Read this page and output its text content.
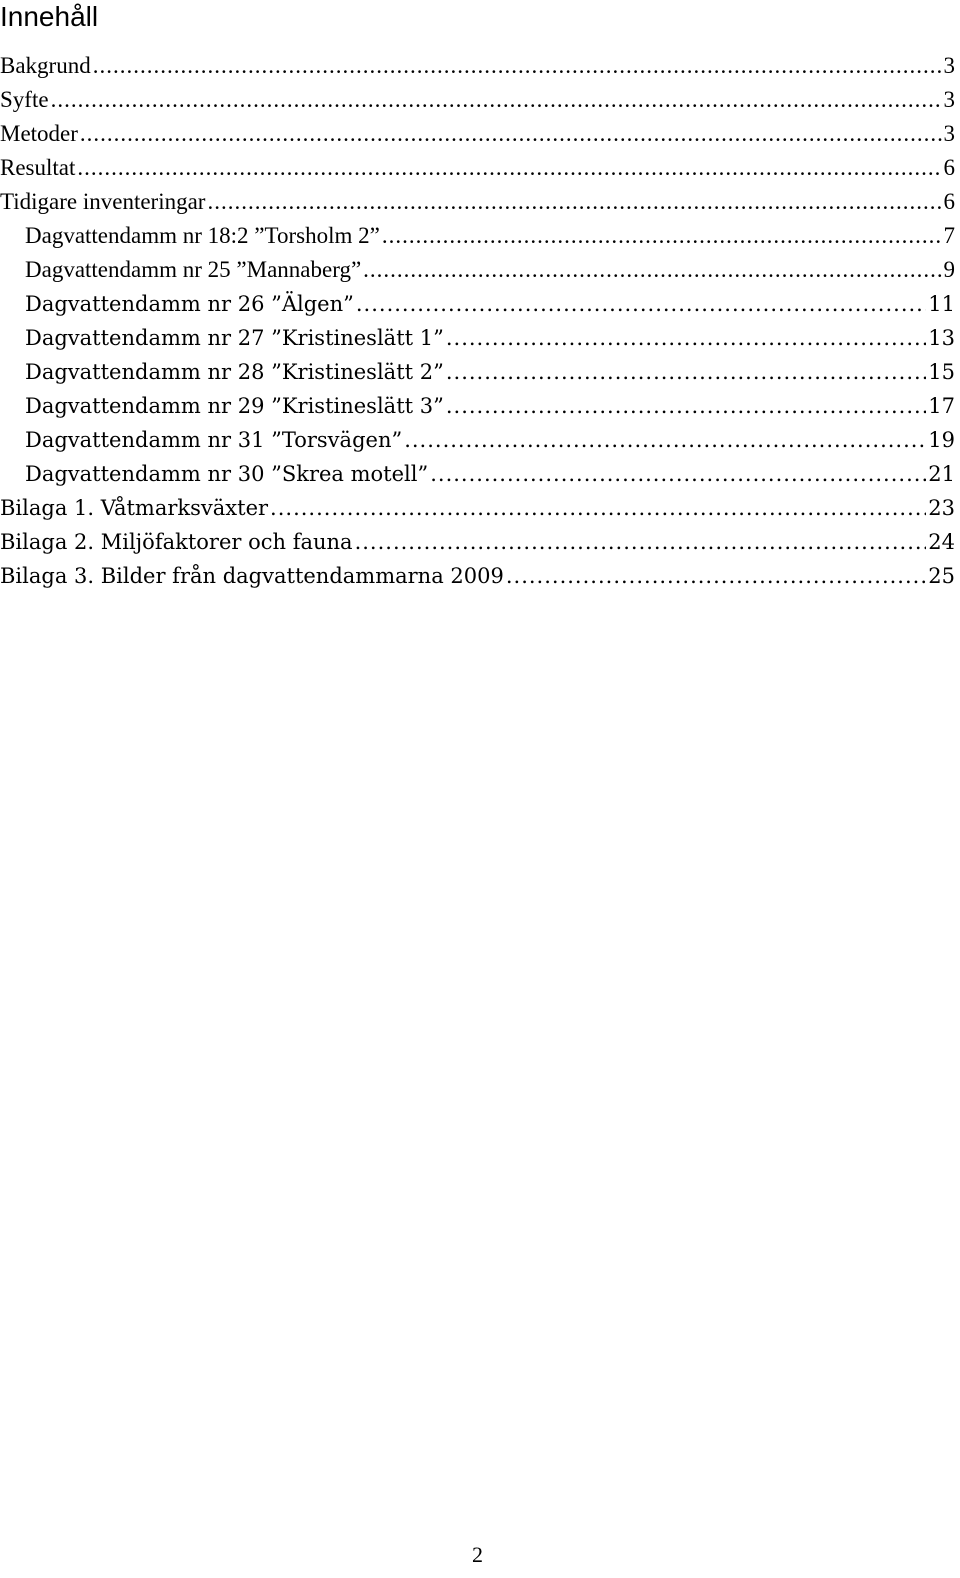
Innehåll
Bakgrund .....	3
Syfte .....	3
Metoder .....	3
Resultat .....	6
Tidigare inventeringar .....	6
Dagvattendamm nr 18:2 ”Torsholm 2” .....	7
Dagvattendamm nr 25 ”Mannaberg” .....	9
Dagvattendamm nr 26 ”Älgen” .....	11
Dagvattendamm nr 27 ”Kristineslätt 1” .....	13
Dagvattendamm nr 28 ”Kristineslätt 2” .....	15
Dagvattendamm nr 29 ”Kristineslätt 3” .....	17
Dagvattendamm nr 31 ”Torsvägen” .....	19
Dagvattendamm nr 30 ”Skrea motell” .....	21
Bilaga 1. Våtmarksväxter .....	23
Bilaga 2. Miljöfaktorer och fauna .....	24
Bilaga 3. Bilder från dagvattendammarna 2009 .....	25
2
